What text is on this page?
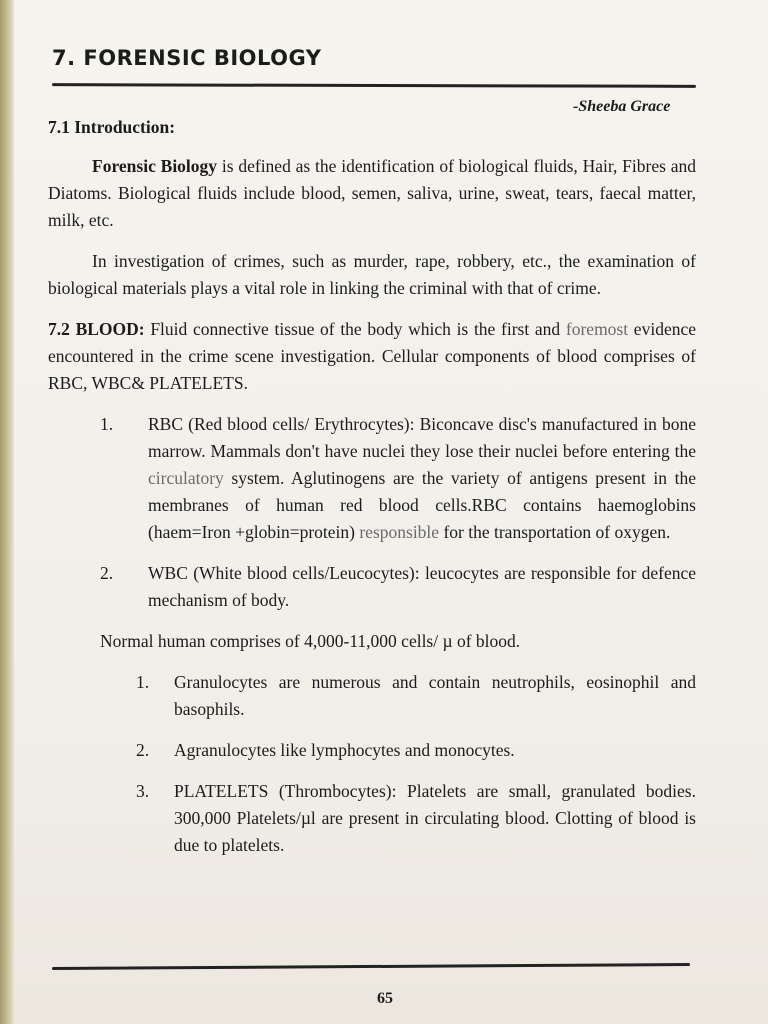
7. FORENSIC BIOLOGY
-Sheeba Grace

7.1 Introduction:

Forensic Biology is defined as the identification of biological fluids, Hair, Fibres and Diatoms. Biological fluids include blood, semen, saliva, urine, sweat, tears, faecal matter, milk, etc.

In investigation of crimes, such as murder, rape, robbery, etc., the examination of biological materials plays a vital role in linking the criminal with that of crime.

7.2 BLOOD: Fluid connective tissue of the body which is the first and foremost evidence encountered in the crime scene investigation. Cellular components of blood comprises of RBC, WBC& PLATELETS.

1.	RBC (Red blood cells/ Erythrocytes): Biconcave disc's manufactured in bone marrow. Mammals don't have nuclei they lose their nuclei before entering the circulatory system. Aglutinogens are the variety of antigens present in the membranes of human red blood cells.RBC contains haemoglobins (haem=Iron +globin=protein) responsible for the transportation of oxygen.
2.	WBC (White blood cells/Leucocytes): leucocytes are responsible for defence mechanism of body.

Normal human comprises of 4,000-11,000 cells/ µ of blood.

1.	Granulocytes are numerous and contain neutrophils, eosinophil and basophils.
2.	Agranulocytes like lymphocytes and monocytes.
3.	PLATELETS (Thrombocytes): Platelets are small, granulated bodies. 300,000 Platelets/µl are present in circulating blood. Clotting of blood is due to platelets.
65
